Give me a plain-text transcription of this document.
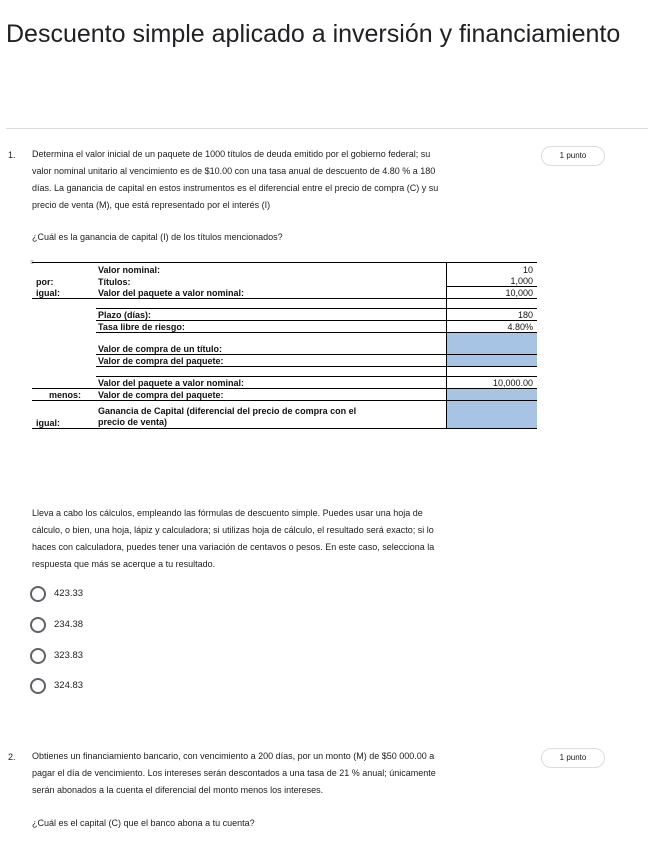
Descuento simple aplicado a inversión y financiamiento
1. Determina el valor inicial de un paquete de 1000 títulos de deuda emitido por el gobierno federal; su
valor nominal unitario al vencimiento es de $10.00 con una tasa anual de descuento de 4.80 % a 180
días. La ganancia de capital en estos instrumentos es el diferencial entre el precio de compra (C) y su
precio de venta (M), que está representado por el interés (I)
1 punto
¿Cuál es la ganancia de capital (I) de los títulos mencionados?
≡
	Valor nominal:	10
por:	Títulos:	1,000
igual:	Valor del paquete a valor nominal:	10,000

	Plazo (días):	180
	Tasa libre de riesgo:	4.80%

	Valor de compra de un título:	
	Valor de compra del paquete:	

	Valor del paquete a valor nominal:	10,000.00
menos:	Valor de compra del paquete:	
igual:	Ganancia de Capital (diferencial del precio de compra con el
precio de venta)	

Lleva a cabo los cálculos, empleando las fórmulas de descuento simple. Puedes usar una hoja de
cálculo, o bien, una hoja, lápiz y calculadora; si utilizas hoja de cálculo, el resultado será exacto; si lo
haces con calculadora, puedes tener una variación de centavos o pesos. En este caso, selecciona la
respuesta que más se acerque a tu resultado.
423.33
234.38
323.83
324.83
2. Obtienes un financiamiento bancario, con vencimiento a 200 días, por un monto (M) de $50 000.00 a
pagar el día de vencimiento. Los intereses serán descontados a una tasa de 21 % anual; únicamente
serán abonados a la cuenta el diferencial del monto menos los intereses.
1 punto
¿Cuál es el capital (C) que el banco abona a tu cuenta?
